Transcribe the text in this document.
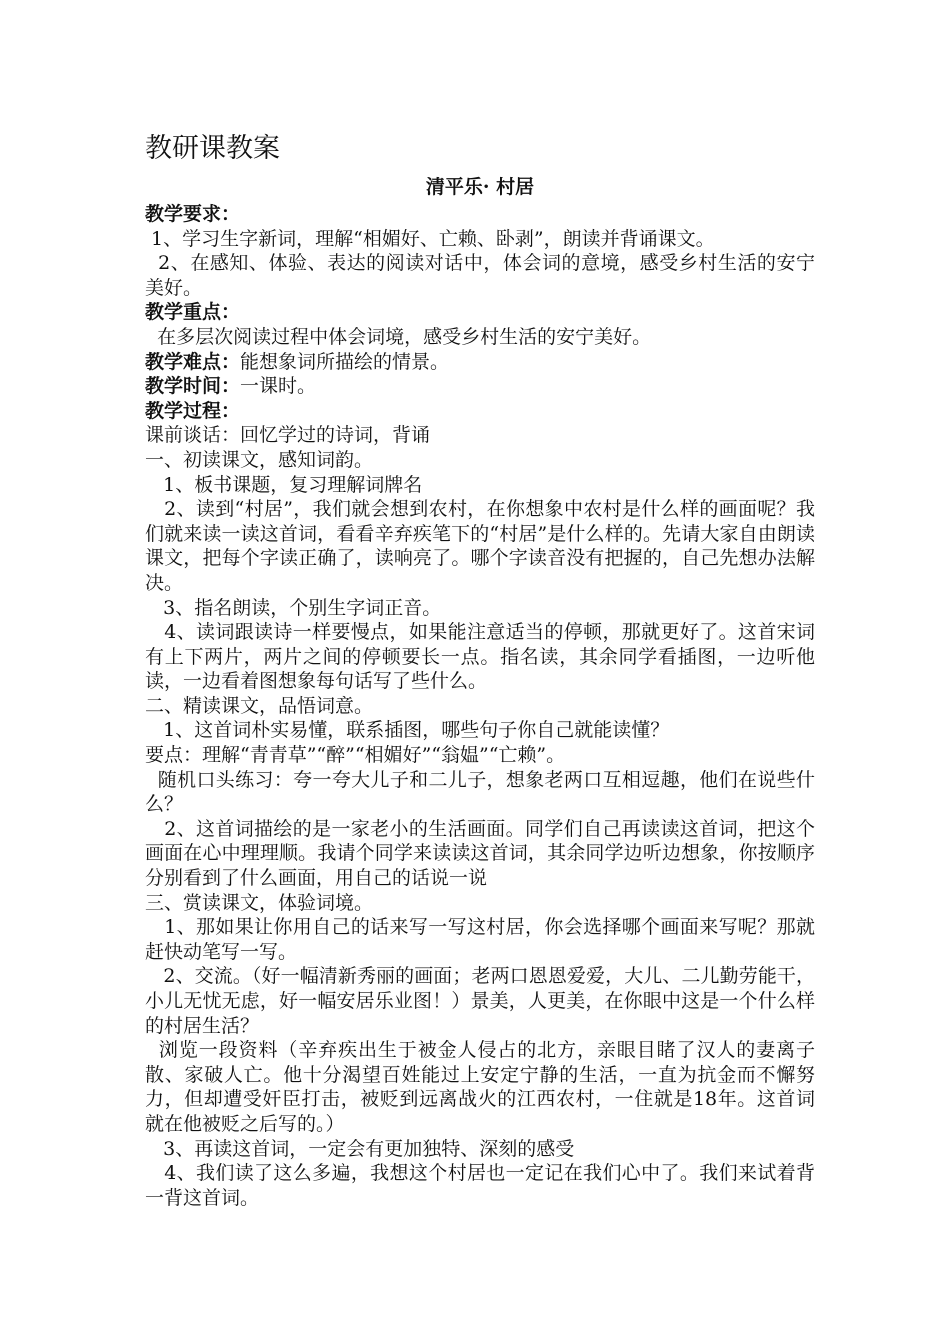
教研课教案
清平乐· 村居
教学要求：
1、学习生字新词，理解“相媚好、亡赖、卧剥”，朗读并背诵课文。
2、在感知、体验、表达的阅读对话中，体会词的意境，感受乡村生活的安宁美好。
教学重点：
在多层次阅读过程中体会词境，感受乡村生活的安宁美好。
教学难点：能想象词所描绘的情景。
教学时间：一课时。
教学过程：
课前谈话：回忆学过的诗词，背诵
一、初读课文，感知词韵。
1、板书课题，复习理解词牌名
2、读到“村居”，我们就会想到农村，在你想象中农村是什么样的画面呢？我们就来读一读这首词，看看辛弃疾笔下的“村居”是什么样的。先请大家自由朗读课文，把每个字读正确了，读响亮了。哪个字读音没有把握的，自己先想办法解决。
3、指名朗读，个别生字词正音。
4、读词跟读诗一样要慢点，如果能注意适当的停顿，那就更好了。这首宋词有上下两片，两片之间的停顿要长一点。指名读，其余同学看插图，一边听他读，一边看着图想象每句话写了些什么。
二、精读课文，品悟词意。
1、这首词朴实易懂，联系插图，哪些句子你自己就能读懂？
要点：理解“青青草”“醉”“相媚好”“翁媪”“亡赖”。
随机口头练习：夸一夸大儿子和二儿子，想象老两口互相逗趣，他们在说些什么？
2、这首词描绘的是一家老小的生活画面。同学们自己再读读这首词，把这个画面在心中理理顺。我请个同学来读读这首词，其余同学边听边想象，你按顺序分别看到了什么画面，用自己的话说一说
三、赏读课文，体验词境。
1、那如果让你用自己的话来写一写这村居，你会选择哪个画面来写呢？那就赶快动笔写一写。
2、交流。（好一幅清新秀丽的画面；老两口恩恩爱爱，大儿、二儿勤劳能干，小儿无忧无虑，好一幅安居乐业图！）景美，人更美，在你眼中这是一个什么样的村居生活？
浏览一段资料（辛弃疾出生于被金人侵占的北方，亲眼目睹了汉人的妻离子散、家破人亡。他十分渴望百姓能过上安定宁静的生活，一直为抗金而不懈努力，但却遭受奸臣打击，被贬到远离战火的江西农村，一住就是18年。这首词就在他被贬之后写的。）
3、再读这首词，一定会有更加独特、深刻的感受
4、我们读了这么多遍，我想这个村居也一定记在我们心中了。我们来试着背一背这首词。
